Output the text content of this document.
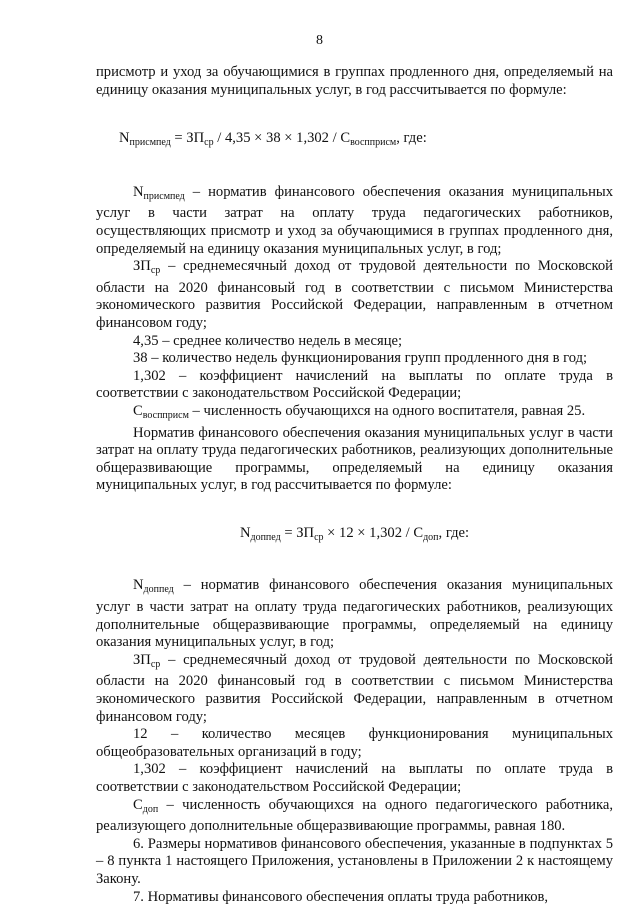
8

присмотр и уход за обучающимися в группах продленного дня, определяемый на единицу оказания муниципальных услуг, в год рассчитывается по формуле:

$N_{присмпед} = ЗП_{ср} / 4,35 \times 38 \times 1,302 / C_{воспприсм}$, где:

$N_{присмпед}$ – норматив финансового обеспечения оказания муниципальных услуг в части затрат на оплату труда педагогических работников, осуществляющих присмотр и уход за обучающимися в группах продленного дня, определяемый на единицу оказания муниципальных услуг, в год;

$ЗП_{ср}$ – среднемесячный доход от трудовой деятельности по Московской области на 2020 финансовый год в соответствии с письмом Министерства экономического развития Российской Федерации, направленным в отчетном финансовом году;

4,35 – среднее количество недель в месяце;

38 – количество недель функционирования групп продленного дня в год;

1,302 – коэффициент начислений на выплаты по оплате труда в соответствии с законодательством Российской Федерации;

$C_{воспприсм}$ – численность обучающихся на одного воспитателя, равная 25.

Норматив финансового обеспечения оказания муниципальных услуг в части затрат на оплату труда педагогических работников, реализующих дополнительные общеразвивающие программы, определяемый на единицу оказания муниципальных услуг, в год рассчитывается по формуле:

$N_{доппед} = ЗП_{ср} \times 12 \times 1,302 / C_{доп}$, где:

$N_{доппед}$ – норматив финансового обеспечения оказания муниципальных услуг в части затрат на оплату труда педагогических работников, реализующих дополнительные общеразвивающие программы, определяемый на единицу оказания муниципальных услуг, в год;

$ЗП_{ср}$ – среднемесячный доход от трудовой деятельности по Московской области на 2020 финансовый год в соответствии с письмом Министерства экономического развития Российской Федерации, направленным в отчетном финансовом году;

12 – количество месяцев функционирования муниципальных общеобразовательных организаций в году;

1,302 – коэффициент начислений на выплаты по оплате труда в соответствии с законодательством Российской Федерации;

$C_{доп}$ – численность обучающихся на одного педагогического работника, реализующего дополнительные общеразвивающие программы, равная 180.

6. Размеры нормативов финансового обеспечения, указанные в подпунктах 5 – 8 пункта 1 настоящего Приложения, установлены в Приложении 2 к настоящему Закону.

7. Нормативы финансового обеспечения оплаты труда работников,
